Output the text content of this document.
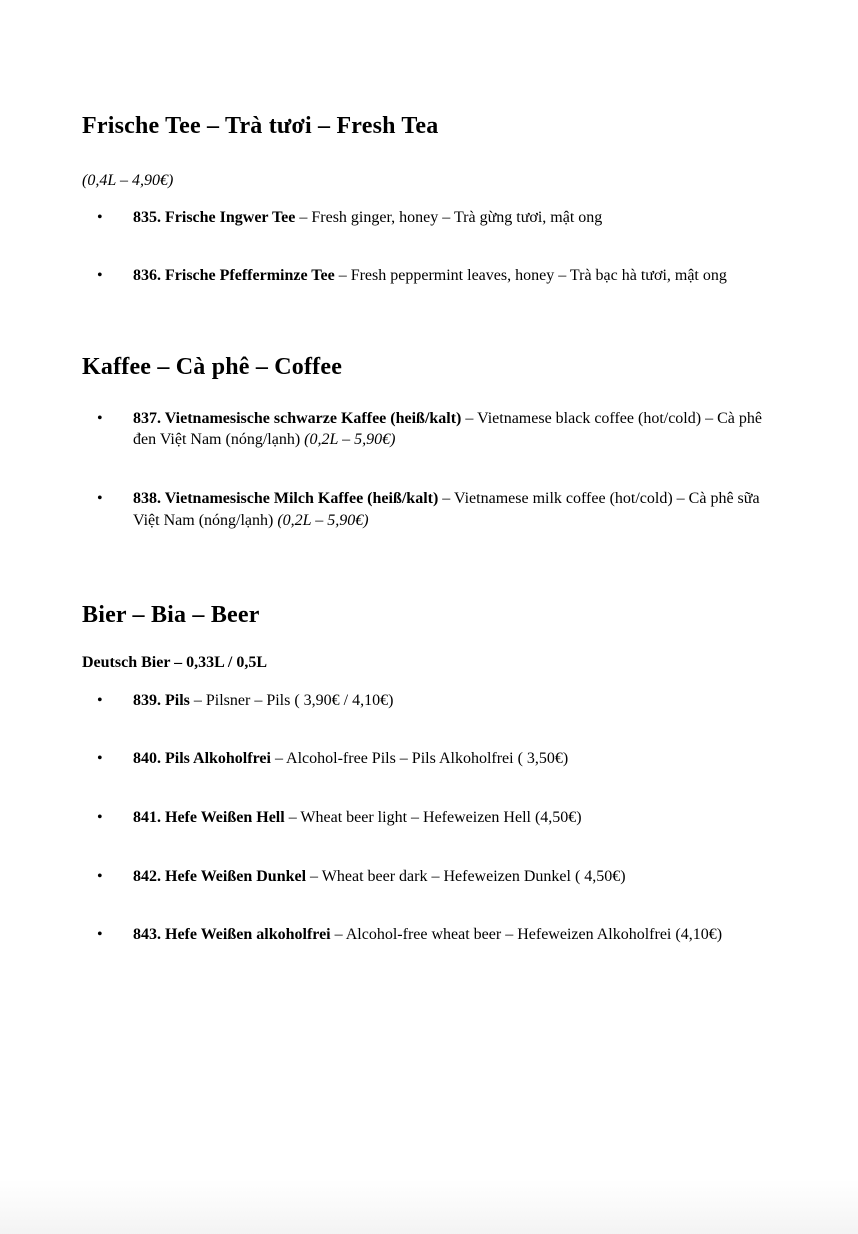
Frische Tee – Trà tươi – Fresh Tea

(0,4L – 4,90€)

• 835. Frische Ingwer Tee – Fresh ginger, honey – Trà gừng tươi, mật ong
• 836. Frische Pfefferminze Tee – Fresh peppermint leaves, honey – Trà bạc hà tươi, mật ong
Kaffee – Cà phê – Coffee
• 837. Vietnamesische schwarze Kaffee (heiß/kalt) – Vietnamese black coffee (hot/cold) – Cà phê đen Việt Nam (nóng/lạnh) (0,2L – 5,90€)
• 838. Vietnamesische Milch Kaffee (heiß/kalt) – Vietnamese milk coffee (hot/cold) – Cà phê sữa Việt Nam (nóng/lạnh) (0,2L – 5,90€)
Bier – Bia – Beer

Deutsch Bier – 0,33L / 0,5L

• 839. Pils – Pilsner – Pils ( 3,90€ / 4,10€)
• 840. Pils Alkoholfrei – Alcohol-free Pils – Pils Alkoholfrei ( 3,50€)
• 841. Hefe Weißen Hell – Wheat beer light – Hefeweizen Hell (4,50€)
• 842. Hefe Weißen Dunkel – Wheat beer dark – Hefeweizen Dunkel ( 4,50€)
• 843. Hefe Weißen alkoholfrei – Alcohol-free wheat beer – Hefeweizen Alkoholfrei (4,10€)
